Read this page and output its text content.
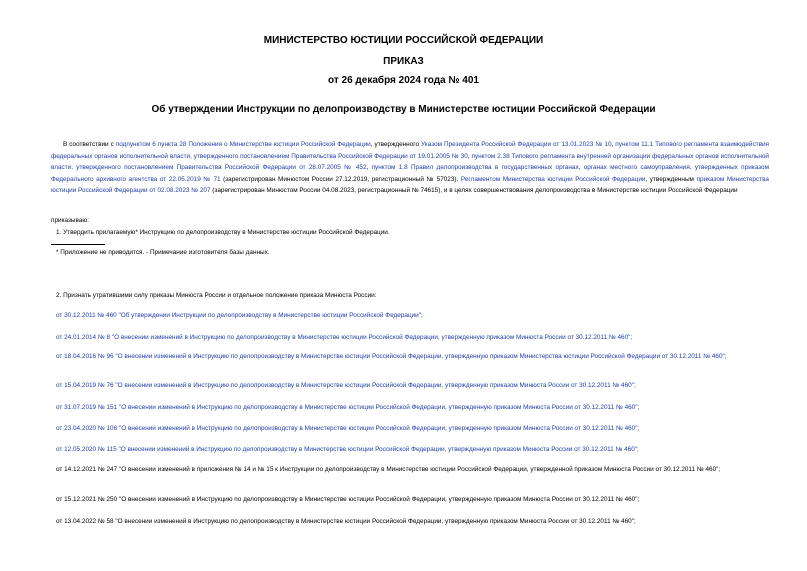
МИНИСТЕРСТВО ЮСТИЦИИ РОССИЙСКОЙ ФЕДЕРАЦИИ
ПРИКАЗ
от 26 декабря 2024 года № 401
Об утверждении Инструкции по делопроизводству в Министерстве юстиции Российской Федерации
В соответствии с подпунктом 6 пункта 28 Положения о Министерстве юстиции Российской Федерации, утвержденного Указом Президента Российской Федерации от 13.01.2023 № 10, пунктом 11.1 Типового регламента взаимодействия федеральных органов исполнительной власти, утвержденного постановлением Правительства Российской Федерации от 19.01.2005 № 30, пунктом 2.38 Типового регламента внутренней организации федеральных органов исполнительной власти, утвержденного постановлением Правительства Российской Федерации от 28.07.2005 № 452, пунктом 1.8 Правил делопроизводства в государственных органах, органах местного самоуправления, утвержденных приказом Федерального архивного агентства от 22.05.2019 № 71 (зарегистрирован Минюстом России 27.12.2019, регистрационный № 57023), Регламентом Министерства юстиции Российской Федерации, утвержденным приказом Министерства юстиции Российской Федерации от 02.08.2023 № 207 (зарегистрирован Минюстом России 04.08.2023, регистрационный № 74615), и в целях совершенствования делопроизводства в Министерстве юстиции Российской Федерации
приказываю:
1. Утвердить прилагаемую* Инструкцию по делопроизводству в Министерстве юстиции Российской Федерации.
* Приложение не приводится. - Примечание изготовителя базы данных.
2. Признать утратившими силу приказы Минюста России и отдельное положение приказа Минюста России:
от 30.12.2011 № 460 "Об утверждении Инструкции по делопроизводству в Министерстве юстиции Российской Федерации";
от 24.01.2014 № 8 "О внесении изменений в Инструкцию по делопроизводству в Министерстве юстиции Российской Федерации, утвержденную приказом Минюста России от 30.12.2011 № 460";
от 18.04.2016 № 96 "О внесении изменений в Инструкцию по делопроизводству в Министерстве юстиции Российской Федерации, утвержденную приказом Министерства юстиции Российской Федерации от 30.12.2011 № 460";
от 15.04.2019 № 76 "О внесении изменений в Инструкцию по делопроизводству в Министерстве юстиции Российской Федерации, утвержденную приказом Минюста России от 30.12.2011 № 460";
от 31.07.2019 № 151 "О внесении изменений в Инструкцию по делопроизводству в Министерстве юстиции Российской Федерации, утвержденную приказом Минюста России от 30.12.2011 № 460";
от 23.04.2020 № 106 "О внесении изменений в Инструкцию по делопроизводству в Министерстве юстиции Российской Федерации, утвержденную приказом Минюста России от 30.12.2011 № 460";
от 12.05.2020 № 115 "О внесении изменений в Инструкцию по делопроизводству в Министерстве юстиции Российской Федерации, утвержденную приказом Минюста России от 30.12.2011 № 460";
от 14.12.2021 № 247 "О внесении изменений в приложения № 14 и № 15 к Инструкции по делопроизводству в Министерстве юстиции Российской Федерации, утвержденной приказом Минюста России от 30.12.2011 № 460";
от 15.12.2021 № 250 "О внесении изменений в Инструкцию по делопроизводству в Министерстве юстиции Российской Федерации, утвержденную приказом Минюста России от 30.12.2011 № 460";
от 13.04.2022 № 58 "О внесении изменений в Инструкцию по делопроизводству в Министерстве юстиции Российской Федерации, утвержденную приказом Минюста России от 30.12.2011 № 460";
